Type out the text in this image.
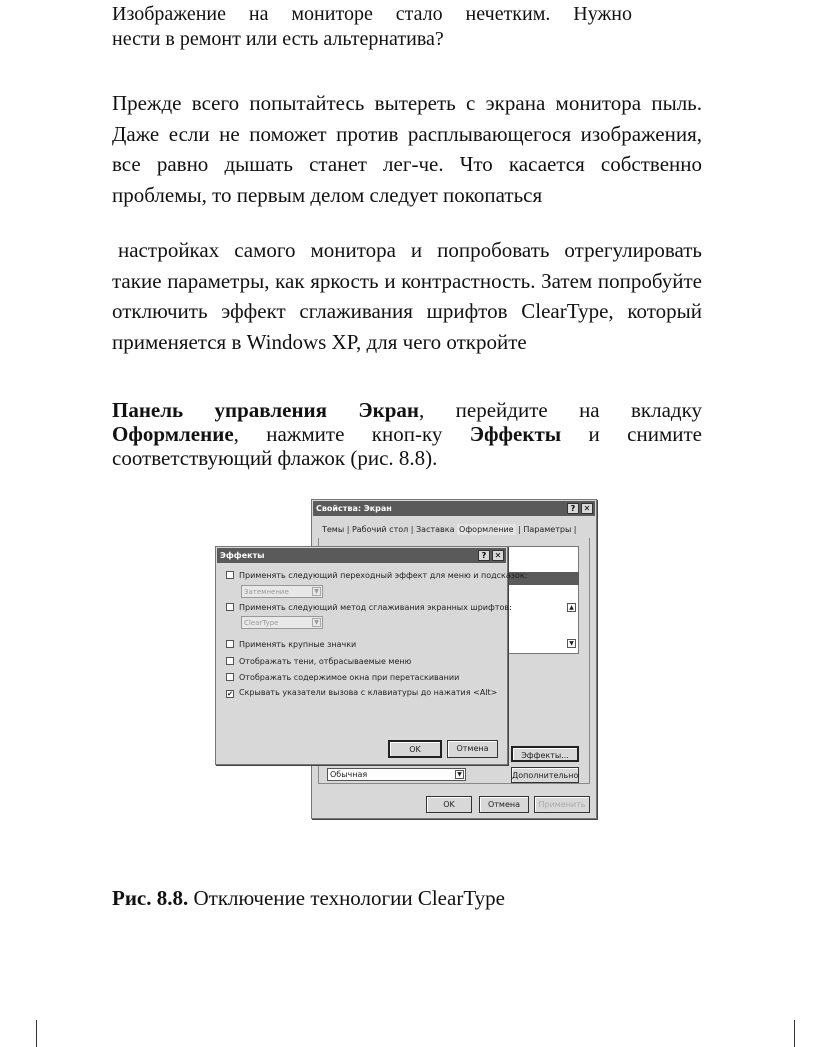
Изображение на мониторе стало нечетким. Нужно
нести в ремонт или есть альтернатива?
Прежде всего попытайтесь вытереть с экрана монитора пыль. Даже если не поможет против расплывающегося изображения, все равно дышать станет лег-че. Что касается собственно проблемы, то первым делом следует покопаться
настройках самого монитора и попробовать отрегулировать такие параметры, как яркость и контрастность. Затем попробуйте отключить эффект сглаживания шрифтов ClearType, который применяется в Windows XP, для чего откройте
Панель управления Экран, перейдите на вкладку Оформление, нажмите кноп-ку Эффекты и снимите соответствующий флажок (рис. 8.8).
Свойства: Экран	?	✕
Темы | Рабочий стол | Заставка Оформление | Параметры |
▲
▼
Эффекты...
Дополнительно
Обычная	▼
OK	Отмена	Применить
Эффекты	?	✕
Применять следующий переходный эффект для меню и подсказок:
Затемнение	▼
Применять следующий метод сглаживания экранных шрифтов:
ClearType	▼
Применять крупные значки
Отображать тени, отбрасываемые меню
Отображать содержимое окна при перетаскивании
✔ Скрывать указатели вызова с клавиатуры до нажатия <Alt>
OK	Отмена
Рис. 8.8. Отключение технологии ClearType
